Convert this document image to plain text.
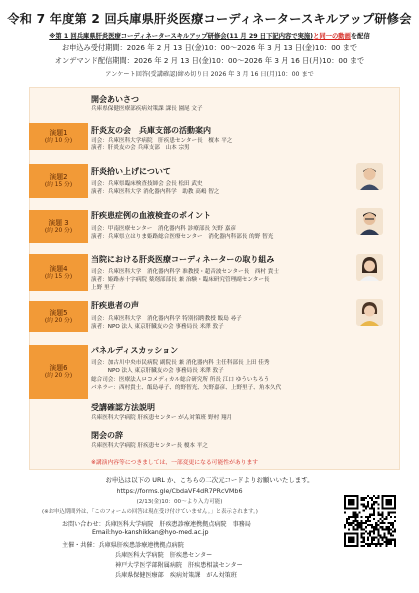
令和 7 年度第 2 回兵庫県肝炎医療コーディネータースキルアップ研修会
※第 1 回兵庫県肝炎医療コーディネータースキルアップ研修会(11 月 29 日下記内容で実施)と同一の動画を配信
お申込み受付期間：2026 年 2 月 13 日(金)10：00〜2026 年 3 月 13 日(金)10：00 まで
オンデマンド配信期間：2026 年 2 月 13 日(金)10：00〜2026 年 3 月 16 日(月)10：00 まで
アンケート回答(受講確認)締め切り日 2026 年 3 月 16 日(月)10：00 まで
開会あいさつ
兵庫県保健医療部疾病対策課 課長 園尾 文子
演題1
(約 10 分)
肝炎友の会　兵庫支部の活動案内
司会：兵庫医科大学病院　肝疾患センター長　榎本 平之
演者：肝炎友の会 兵庫支部　山本 宗男
演題2
(約 15 分)
肝炎拾い上げについて
司会：兵庫県臨床検査技師会 会長 松田 武史
演者：兵庫医科大学 消化器内科学　助教 高嶋 智之
演題 3
(約 20 分)
肝疾患症例の血液検査のポイント
司会：甲南医療センター　消化器内科 診療部長 矢野 嘉彦
演者：兵庫県立はりま姫路総合医療センター　消化器内科部長 的野 智光
演題4
(約 15 分)
当院における肝炎医療コーディネーターの取り組み
司会：兵庫医科大学　消化器内科学 准教授・超音波センター長　西村 貴士
演者：姫路赤十字病院 薬剤部部長 兼 治験・臨床研究管理副センター長
上野 里子
演題5
(約 20 分)
肝疾患者の声
司会：兵庫医科大学　消化器内科学 特別招聘教授 飯島 尋子
演者：NPO 法人 東京肝臓友の会 事務局長 米澤 敦子
演題6
(約 20 分)
パネルディスカッション
司会：加古川中央市民病院 副院長 兼 消化器内科 主任科部長 上田 佳秀
　　　NPO 法人 東京肝臓友の会 事務局長 米澤 敦子
総合司会：医療法人ロコメディカル総合研究所 所長 江口 ゆういちろう
パネラー：西村貴士、飯島尋子、的野智光、矢野嘉彦、上野里子、角本久代
受講確認方法説明
兵庫医科大学病院 肝疾患センター がん対策班 野村 翔月
閉会の辞
兵庫医科大学病院 肝疾患センター長 榎本 平之
※講演内容等につきましては、一部変更になる可能性があります
お申込は以下の URL か、こちらの二次元コードよりお願いいたします。
https://forms.gle/CbdaVF4dR7PRcVMb6
(2/13(金)10：00〜より入力可能)
(※お申込期間外は、「このフォームの回答は現在受け付けていません。」と表示されます。)
お問い合わせ：兵庫医科大学病院　肝疾患診療連携拠点病院　事務局
Email:hyo-kanshikkan@hyo-med.ac.jp
主催・共催：兵庫県肝疾患診療連携拠点病院
兵庫医科大学病院　肝疾患センター
神戸大学医学部附属病院　肝疾患相談センター
兵庫県保健医療部　疾病対策課　がん対策班
